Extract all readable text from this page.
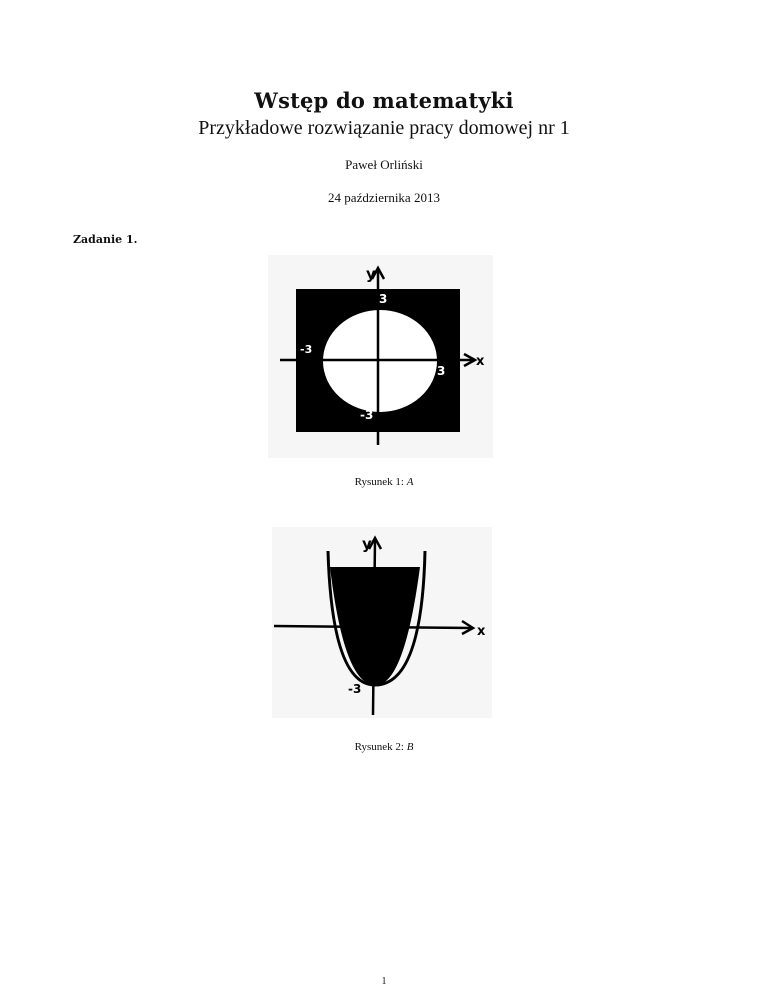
Wstęp do matematyki
Przykładowe rozwiązanie pracy domowej nr 1
Paweł Orliński
24 października 2013
Zadanie 1.
y
x
3
-3
-3
3
Rysunek 1: A
y
x
-3
Rysunek 2: B
1
